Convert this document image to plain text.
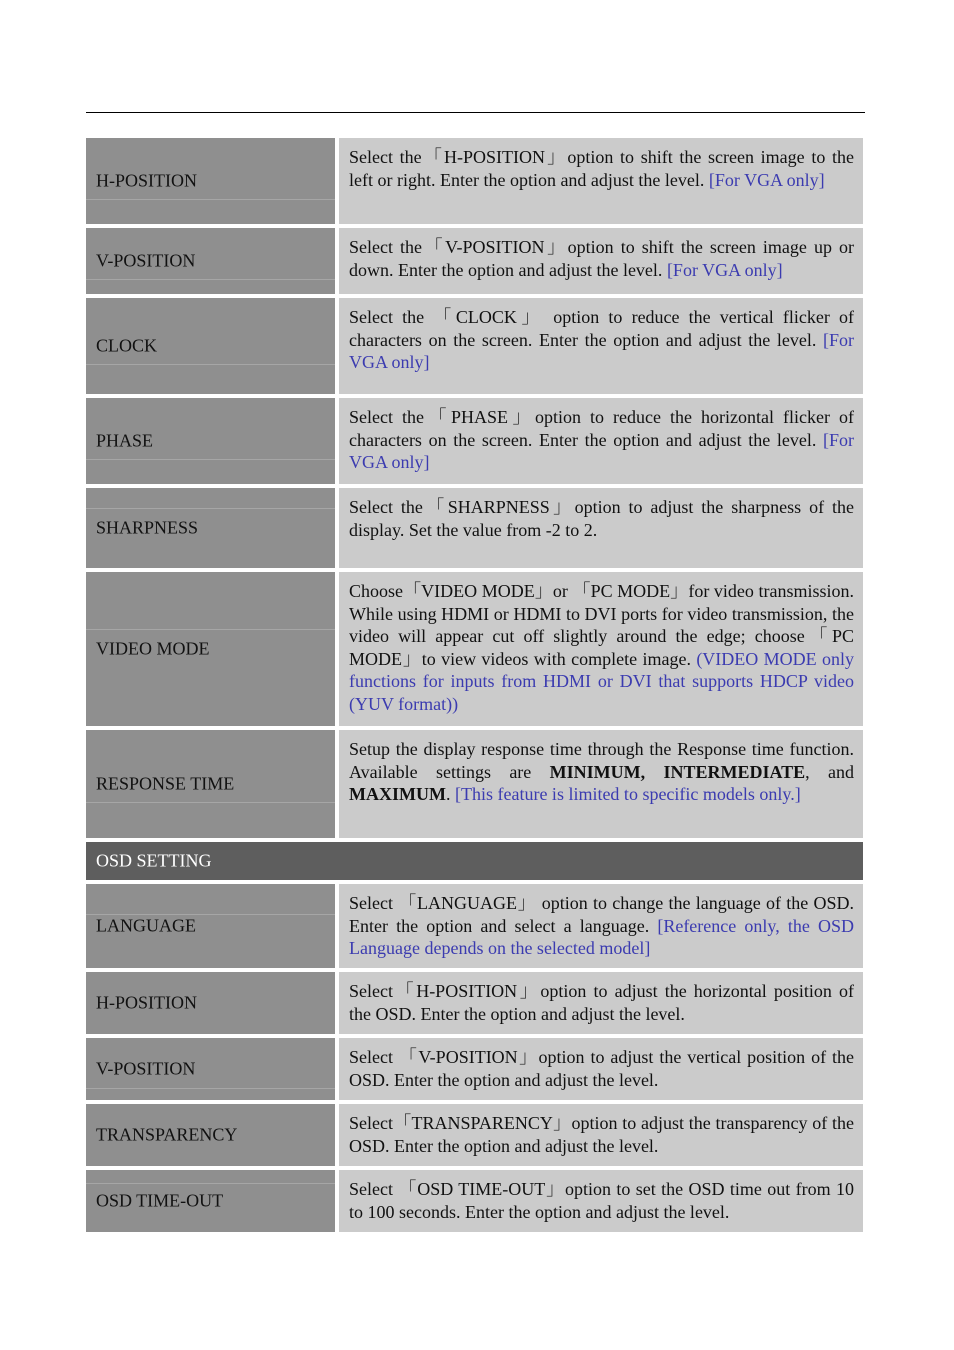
H-POSITION
Select the「H-POSITION」option to shift the screen image to the left or right. Enter the option and adjust the level. [For VGA only]
V-POSITION
Select the「V-POSITION」option to shift the screen image up or down. Enter the option and adjust the level. [For VGA only]
CLOCK
Select the 「CLOCK」 option to reduce the vertical flicker of characters on the screen. Enter the option and adjust the level. [For VGA only]
PHASE
Select the「PHASE」option to reduce the horizontal flicker of characters on the screen. Enter the option and adjust the level. [For VGA only]
SHARPNESS
Select the「SHARPNESS」option to adjust the sharpness of the display. Set the value from -2 to 2.
VIDEO MODE
Choose「VIDEO MODE」or 「PC MODE」for video transmission. While using HDMI or HDMI to DVI ports for video transmission, the video will appear cut off slightly around the edge; choose「PC MODE」to view videos with complete image. (VIDEO MODE only functions for inputs from HDMI or DVI that supports HDCP video (YUV format))
RESPONSE TIME
Setup the display response time through the Response time function. Available settings are MINIMUM, INTERMEDIATE, and MAXIMUM. [This feature is limited to specific models only.]
OSD SETTING
LANGUAGE
Select 「LANGUAGE」 option to change the language of the OSD. Enter the option and select a language. [Reference only, the OSD Language depends on the selected model]
H-POSITION
Select「H-POSITION」option to adjust the horizontal position of the OSD. Enter the option and adjust the level.
V-POSITION
Select 「V-POSITION」option to adjust the vertical position of the OSD. Enter the option and adjust the level.
TRANSPARENCY
Select「TRANSPARENCY」option to adjust the transparency of the OSD. Enter the option and adjust the level.
OSD TIME-OUT
Select 「OSD TIME-OUT」option to set the OSD time out from 10 to 100 seconds. Enter the option and adjust the level.
